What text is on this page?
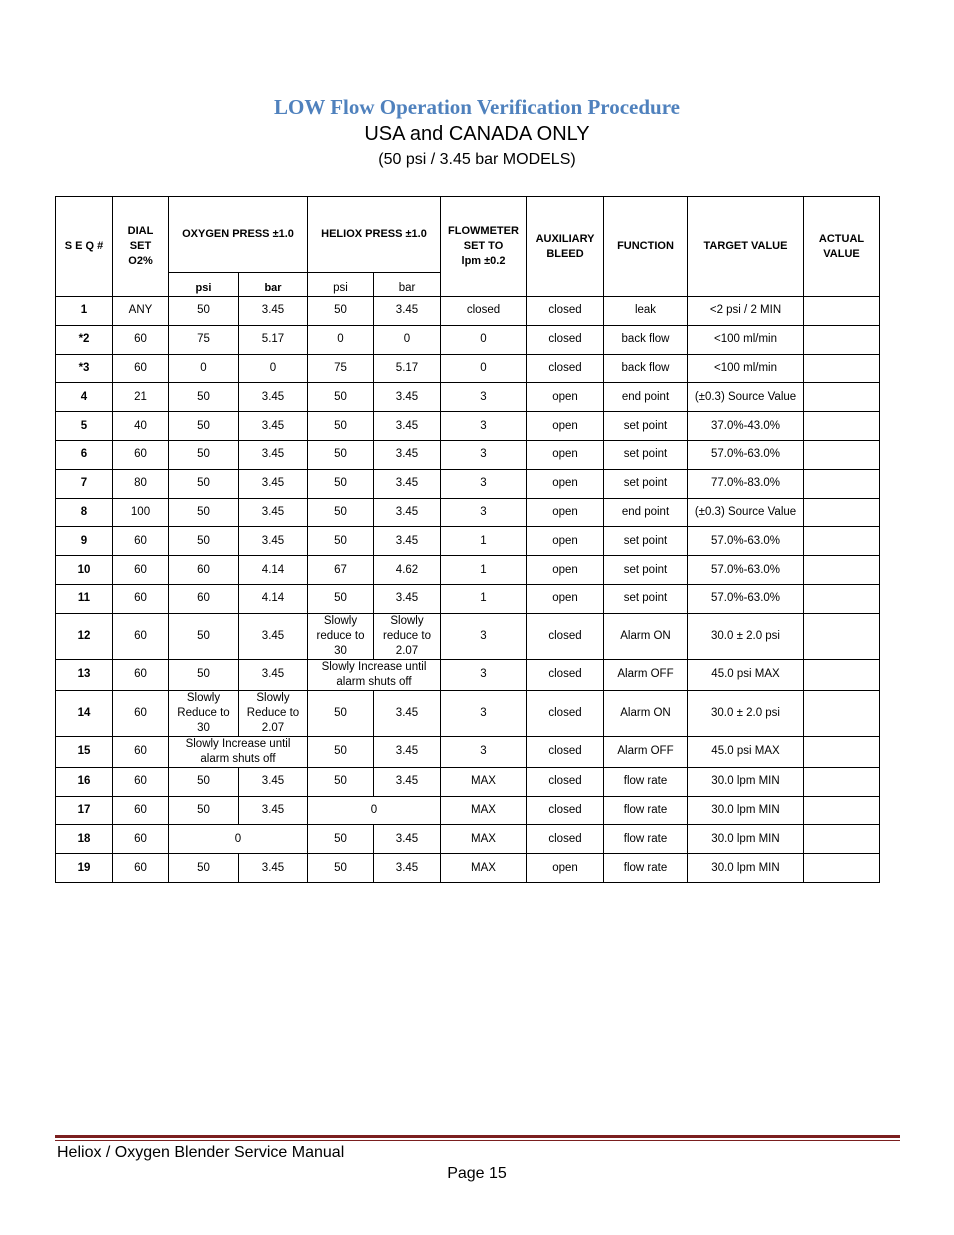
LOW Flow Operation Verification Procedure
USA and CANADA ONLY
(50 psi / 3.45 bar MODELS)
S E Q #	DIAL
SET
O2%	OXYGEN PRESS ±1.0		HELIOX PRESS ±1.0		FLOWMETER
SET TO
lpm ±0.2	AUXILIARY
BLEED	FUNCTION	TARGET VALUE	ACTUAL
VALUE
		psi	bar	psi	bar					
1	ANY	50	3.45	50	3.45	closed	closed	leak	<2 psi / 2 MIN	
*2	60	75	5.17	0	0	0	closed	back flow	<100 ml/min	
*3	60	0	0	75	5.17	0	closed	back flow	<100 ml/min	
4	21	50	3.45	50	3.45	3	open	end point	(±0.3) Source Value	
5	40	50	3.45	50	3.45	3	open	set point	37.0%-43.0%	
6	60	50	3.45	50	3.45	3	open	set point	57.0%-63.0%	
7	80	50	3.45	50	3.45	3	open	set point	77.0%-83.0%	
8	100	50	3.45	50	3.45	3	open	end point	(±0.3) Source Value	
9	60	50	3.45	50	3.45	1	open	set point	57.0%-63.0%	
10	60	60	4.14	67	4.62	1	open	set point	57.0%-63.0%	
11	60	60	4.14	50	3.45	1	open	set point	57.0%-63.0%	
12	60	50	3.45	Slowly reduce to 30	Slowly reduce to 2.07	3	closed	Alarm ON	30.0 ± 2.0 psi	
13	60	50	3.45	Slowly Increase until alarm shuts off		3	closed	Alarm OFF	45.0 psi MAX	
14	60	Slowly Reduce to 30	Slowly Reduce to 2.07	50	3.45	3	closed	Alarm ON	30.0 ± 2.0 psi	
15	60	Slowly Increase until alarm shuts off		50	3.45	3	closed	Alarm OFF	45.0 psi MAX	
16	60	50	3.45	50	3.45	MAX	closed	flow rate	30.0 lpm MIN	
17	60	50	3.45	0		MAX	closed	flow rate	30.0 lpm MIN	
18	60	0		50	3.45	MAX	closed	flow rate	30.0 lpm MIN	
19	60	50	3.45	50	3.45	MAX	open	flow rate	30.0 lpm MIN	
Heliox / Oxygen Blender Service Manual
Page 15
